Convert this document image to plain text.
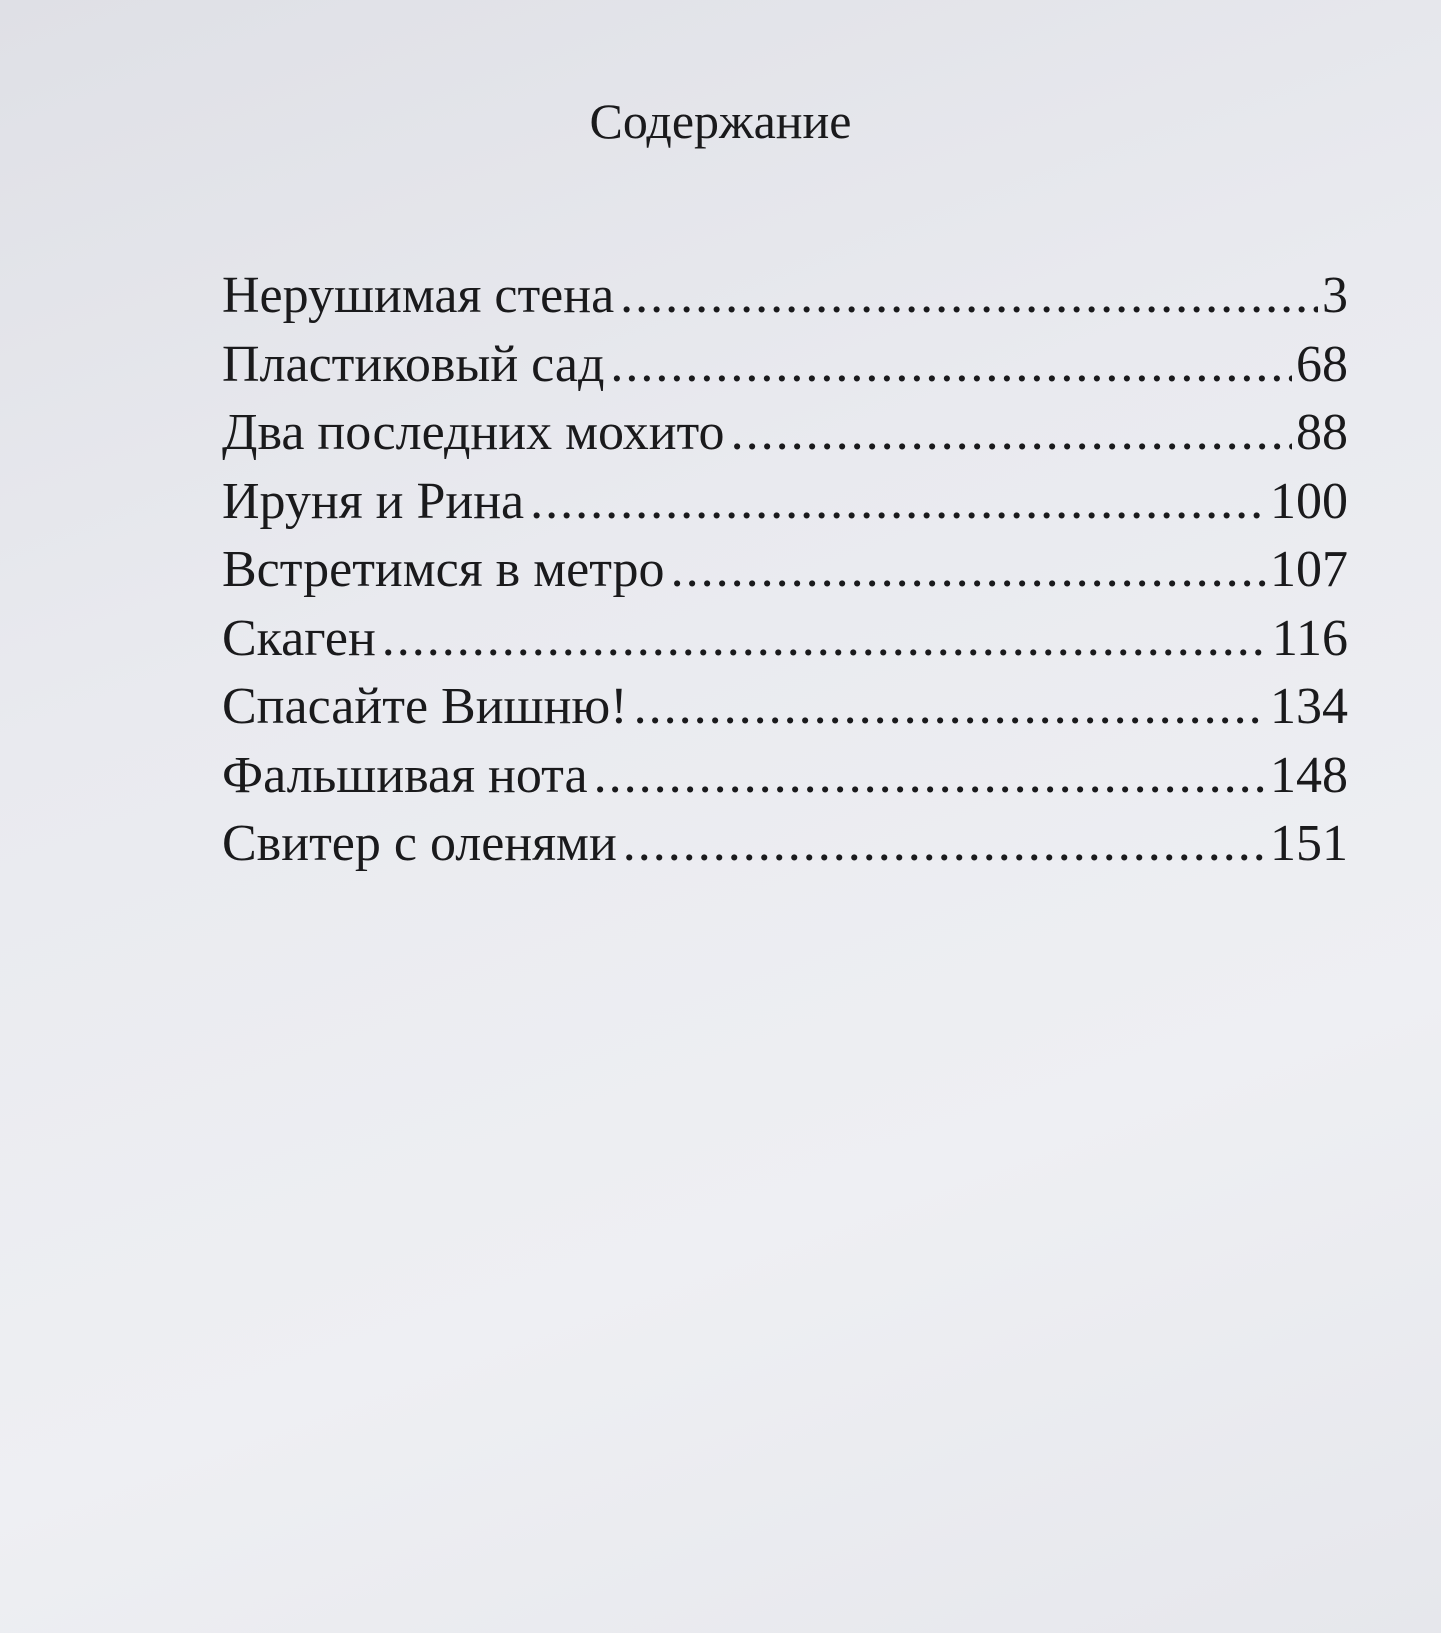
Содержание
Нерушимая стена .....	3
Пластиковый сад .....	68
Два последних мохито .....	88
Ируня и Рина .....	100
Встретимся в метро .....	107
Скаген .....	116
Спасайте Вишню! .....	134
Фальшивая нота .....	148
Свитер с оленями .....	151
